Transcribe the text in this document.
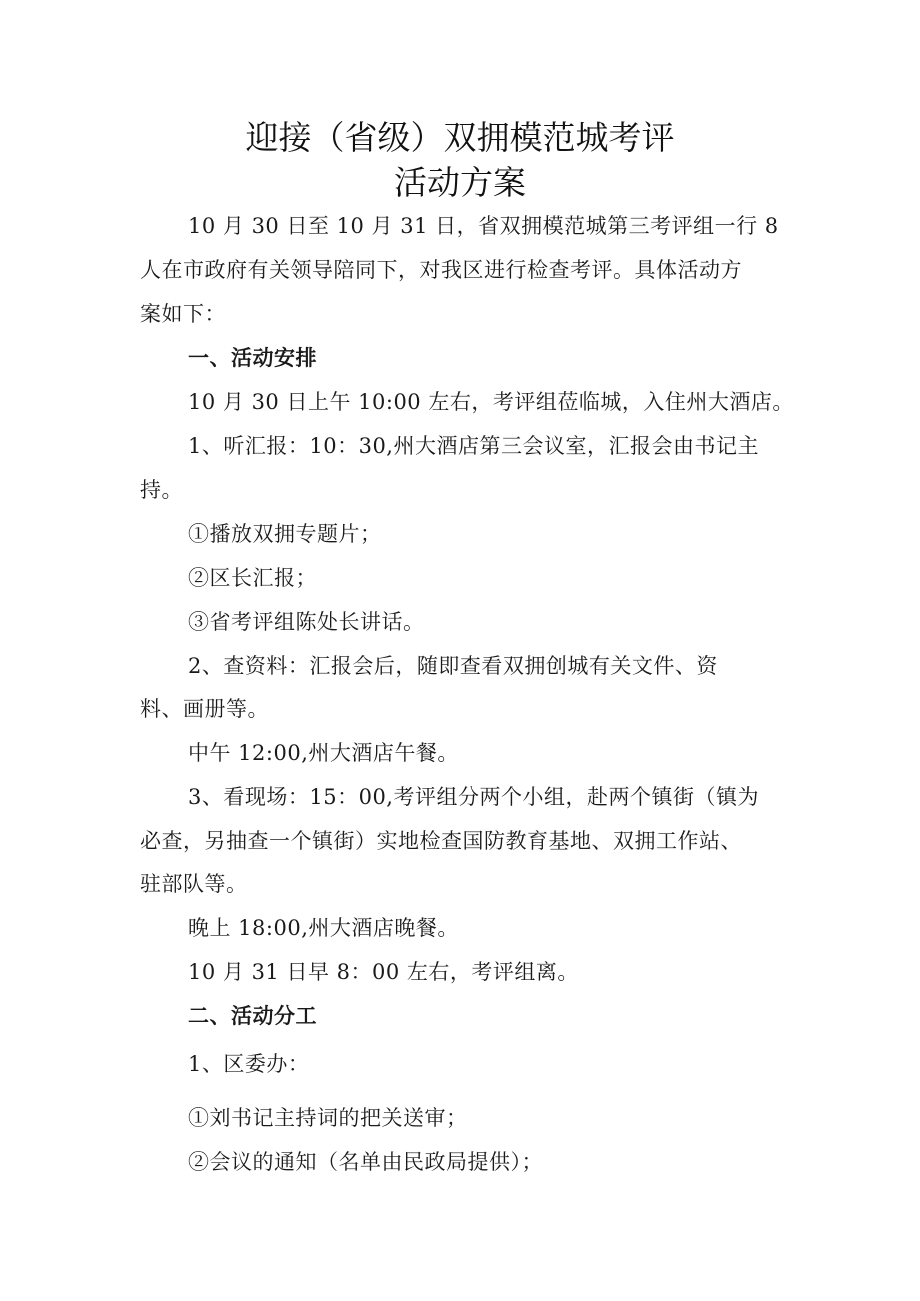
迎接（省级）双拥模范城考评
活动方案

10 月 30 日至 10 月 31 日，省双拥模范城第三考评组一行 8

人在市政府有关领导陪同下，对我区进行检查考评。具体活动方

案如下：

一、活动安排

10 月 30 日上午 10:00 左右，考评组莅临城，入住州大酒店。

1、听汇报：10：30,州大酒店第三会议室，汇报会由书记主

持。

①播放双拥专题片；

②区长汇报；

③省考评组陈处长讲话。

2、查资料：汇报会后，随即查看双拥创城有关文件、资

料、画册等。

中午 12:00,州大酒店午餐。

3、看现场：15：00,考评组分两个小组，赴两个镇街（镇为

必查，另抽查一个镇街）实地检查国防教育基地、双拥工作站、

驻部队等。

晚上 18:00,州大酒店晚餐。

10 月 31 日早 8：00 左右，考评组离。

二、活动分工

1、区委办：

①刘书记主持词的把关送审；

②会议的通知（名单由民政局提供）；
